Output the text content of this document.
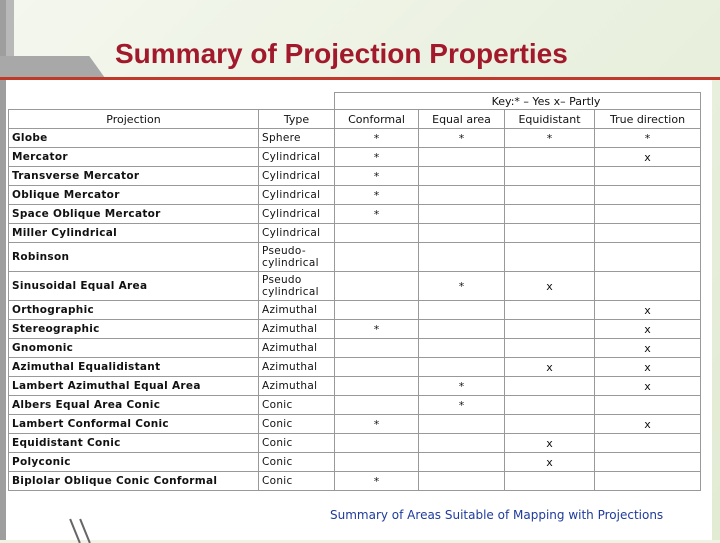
Summary of Projection Properties
		Key:* – Yes x– Partly			
Projection	Type	Conformal	Equal area	Equidistant	True direction
Globe	Sphere	*	*	*	*
Mercator	Cylindrical	*			x
Transverse Mercator	Cylindrical	*			
Oblique Mercator	Cylindrical	*			
Space Oblique Mercator	Cylindrical	*			
Miller Cylindrical	Cylindrical				
Robinson	Pseudo-cylindrical				
Sinusoidal Equal Area	Pseudo cylindrical		*	x	
Orthographic	Azimuthal				x
Stereographic	Azimuthal	*			x
Gnomonic	Azimuthal				x
Azimuthal Equalidistant	Azimuthal			x	x
Lambert Azimuthal Equal Area	Azimuthal		*		x
Albers Equal Area Conic	Conic		*		
Lambert Conformal Conic	Conic	*			x
Equidistant Conic	Conic			x	
Polyconic	Conic			x	
Biplolar Oblique Conic Conformal	Conic	*			
Summary of Areas Suitable of Mapping with Projections
